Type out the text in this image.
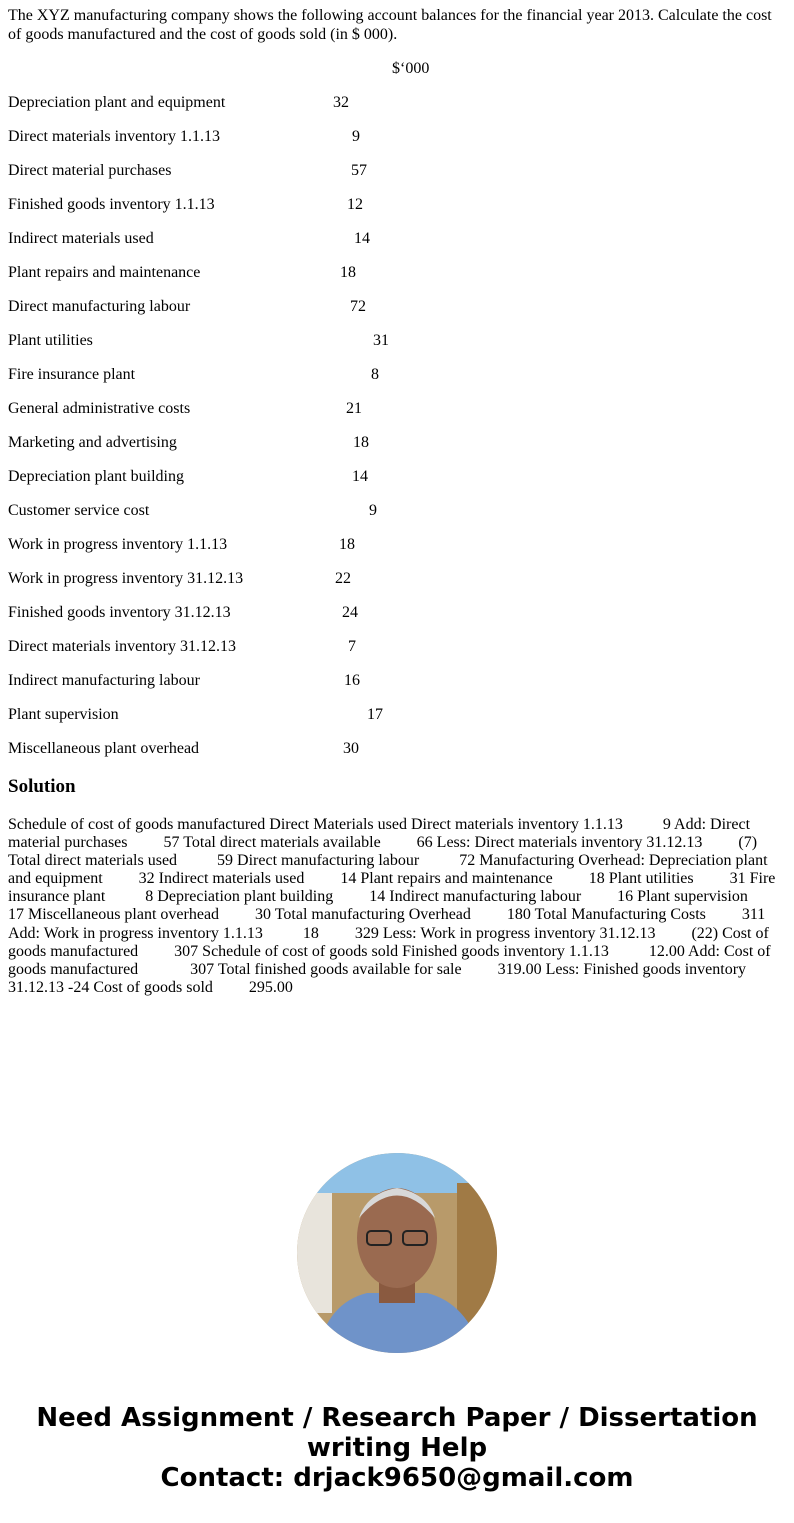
The XYZ manufacturing company shows the following account balances for the financial year 2013. Calculate the cost of goods manufactured and the cost of goods sold (in $ 000).
$‘000
Depreciation plant and equipment	32
Direct materials inventory 1.1.13	9
Direct material purchases	57
Finished goods inventory 1.1.13	12
Indirect materials used	14
Plant repairs and maintenance	18
Direct manufacturing labour	72
Plant utilities	31
Fire insurance plant	8
General administrative costs	21
Marketing and advertising	18
Depreciation plant building	14
Customer service cost	9
Work in progress inventory 1.1.13	18
Work in progress inventory 31.12.13	22
Finished goods inventory 31.12.13	24
Direct materials inventory 31.12.13	7
Indirect manufacturing labour	16
Plant supervision	17
Miscellaneous plant overhead	30
Solution
Schedule of cost of goods manufactured Direct Materials used Direct materials inventory 1.1.13          9 Add: Direct material purchases         57 Total direct materials available         66 Less: Direct materials inventory 31.12.13         (7) Total direct materials used          59 Direct manufacturing labour          72 Manufacturing Overhead: Depreciation plant and equipment         32 Indirect materials used         14 Plant repairs and maintenance         18 Plant utilities         31 Fire insurance plant          8 Depreciation plant building         14 Indirect manufacturing labour         16 Plant supervision         17 Miscellaneous plant overhead         30 Total manufacturing Overhead         180 Total Manufacturing Costs         311 Add: Work in progress inventory 1.1.13          18         329 Less: Work in progress inventory 31.12.13         (22) Cost of goods manufactured         307 Schedule of cost of goods sold Finished goods inventory 1.1.13          12.00 Add: Cost of goods manufactured             307 Total finished goods available for sale         319.00 Less: Finished goods inventory 31.12.13 -24 Cost of goods sold         295.00
Need Assignment / Research Paper / Dissertation writing Help
Contact: drjack9650@gmail.com
